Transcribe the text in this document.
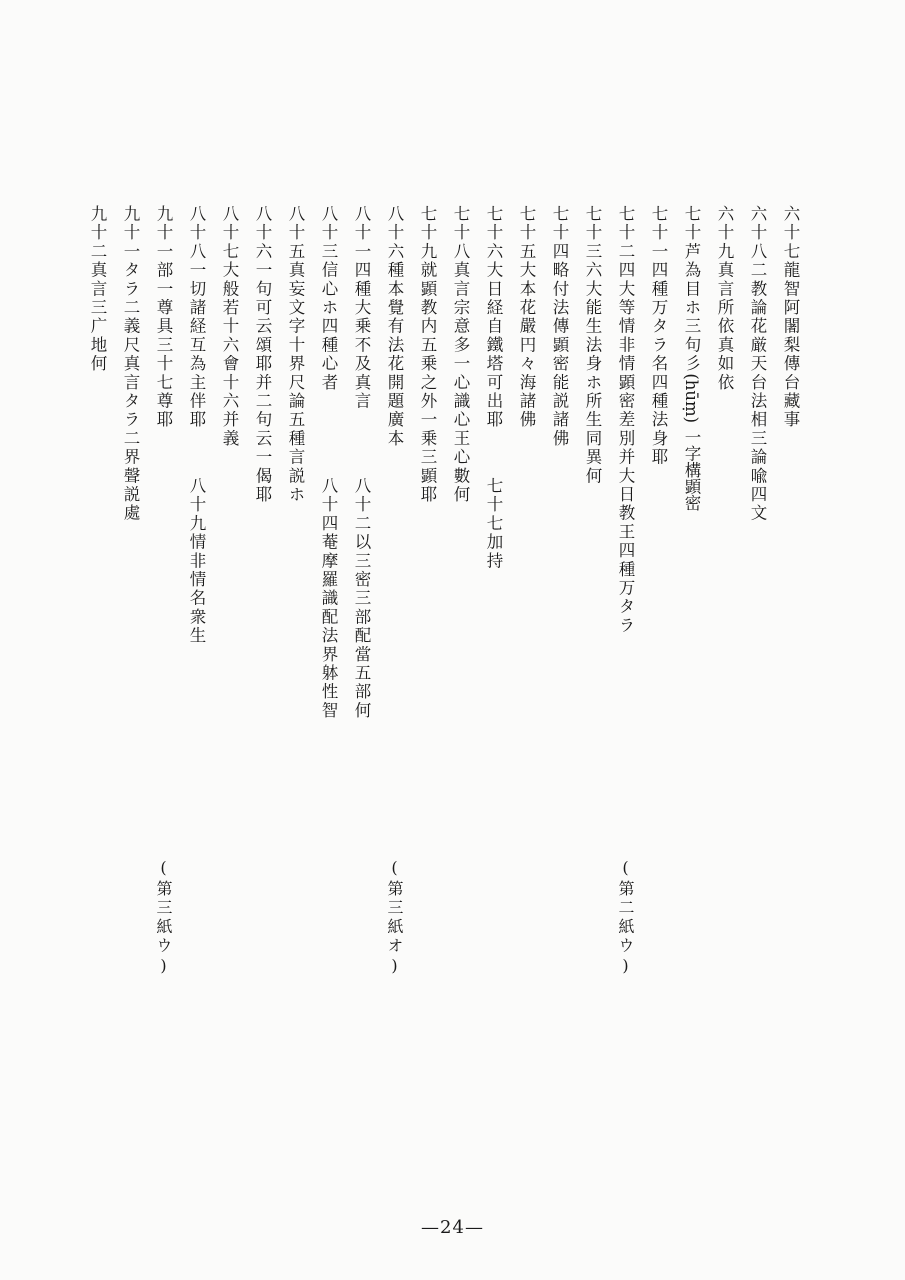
六十七龍智阿闍梨傳台藏事
六十八二教論花厳天台法相三論喩四文
六十九真言所依真如依
七十芦為目ホ三句彡(hūṃ) 一字構顕密
七十一四種万タラ名四種法身耶
七十二四大等情非情顕密差別并大日教王四種万タラ
七十三六大能生法身ホ所生同異何
七十四略付法傳顕密能説諸佛
七十五大本花嚴円々海諸佛
七十六大日経自鐵塔可出耶
七十八真言宗意多一心識心王心數何
七十九就顕教内五乗之外一乗三顕耶
八十六種本覺有法花開題廣本
八十一四種大乗不及真言
八十三信心ホ四種心者
八十五真妄文字十界尺論五種言説ホ
八十六一句可云頌耶并二句云一偈耶
八十七大般若十六會十六并義
八十八一切諸経互為主伴耶
九十一部一尊具三十七尊耶
九十一タラ二義尺真言タラ二界聲説處
九十二真言三广地何
七十七加持
八十二以三密三部配當五部何
八十四菴摩羅識配法界躰性智
八十九情非情名衆生
(第二紙ウ)
(第三紙オ)
(第三紙ウ)
—24—
